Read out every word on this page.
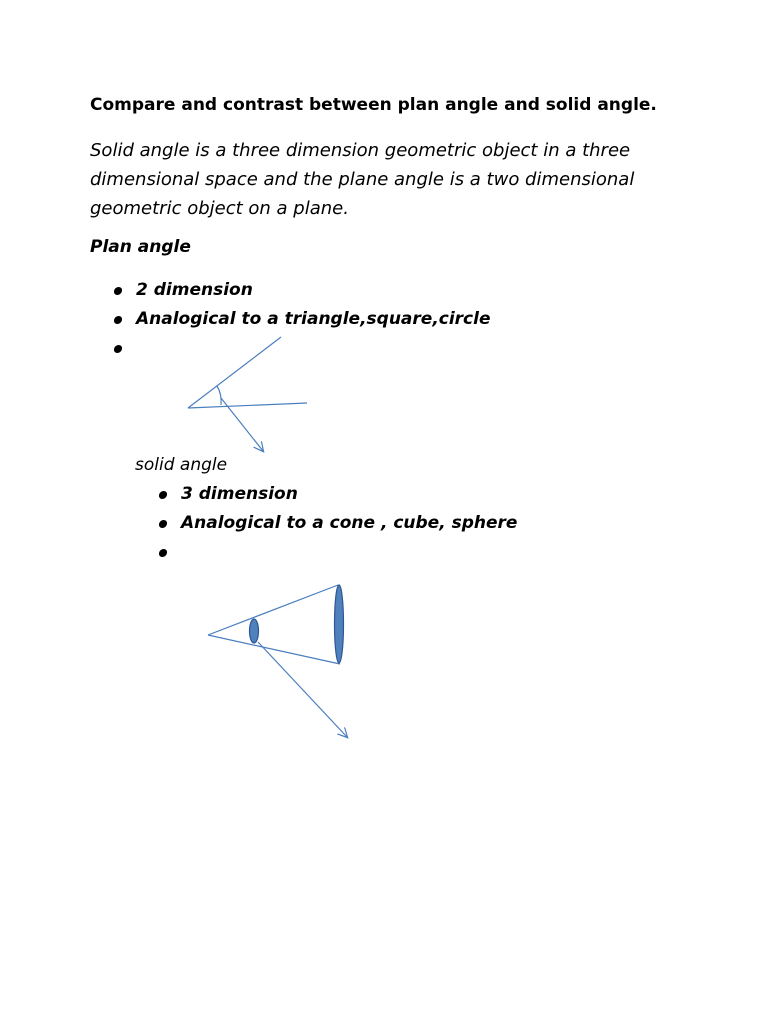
Compare and contrast between plan angle and solid angle.
Solid angle is a three dimension geometric object in a three dimensional space and the plane angle is a two dimensional geometric object on a plane.
Plan angle
2 dimension
Analogical to a triangle,square,circle
solid angle
3 dimension
Analogical to a cone , cube, sphere
